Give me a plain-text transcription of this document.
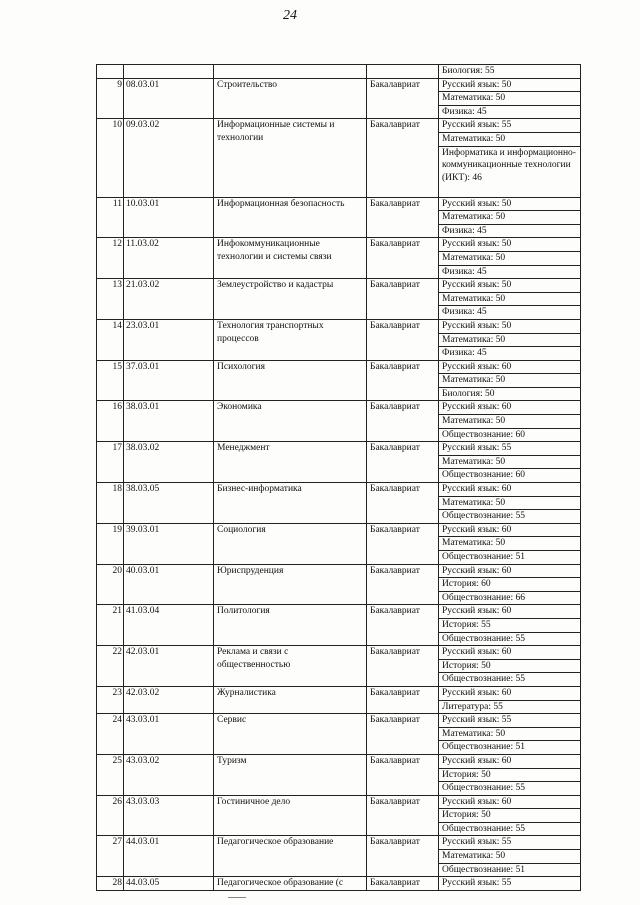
24
				Биология: 55
9	08.03.01	Строительство	Бакалавриат	Русский язык: 50
				Математика: 50
				Физика: 45
10	09.03.02	Информационные системы и технологии	Бакалавриат	Русский язык: 55
				Математика: 50
				Информатика и информационно-коммуникационные технологии (ИКТ): 46
11	10.03.01	Информационная безопасность	Бакалавриат	Русский язык: 50
				Математика: 50
				Физика: 45
12	11.03.02	Инфокоммуникационные технологии и системы связи	Бакалавриат	Русский язык: 50
				Математика: 50
				Физика: 45
13	21.03.02	Землеустройство и кадастры	Бакалавриат	Русский язык: 50
				Математика: 50
				Физика: 45
14	23.03.01	Технология транспортных процессов	Бакалавриат	Русский язык: 50
				Математика: 50
				Физика: 45
15	37.03.01	Психология	Бакалавриат	Русский язык: 60
				Математика: 50
				Биология: 50
16	38.03.01	Экономика	Бакалавриат	Русский язык: 60
				Математика: 50
				Обществознание: 60
17	38.03.02	Менеджмент	Бакалавриат	Русский язык: 55
				Математика: 50
				Обществознание: 60
18	38.03.05	Бизнес-информатика	Бакалавриат	Русский язык: 60
				Математика: 50
				Обществознание: 55
19	39.03.01	Социология	Бакалавриат	Русский язык: 60
				Математика: 50
				Обществознание: 51
20	40.03.01	Юриспруденция	Бакалавриат	Русский язык: 60
				История: 60
				Обществознание: 66
21	41.03.04	Политология	Бакалавриат	Русский язык: 60
				История: 55
				Обществознание: 55
22	42.03.01	Реклама и связи с общественностью	Бакалавриат	Русский язык: 60
				История: 50
				Обществознание: 55
23	42.03.02	Журналистика	Бакалавриат	Русский язык: 60
				Литература: 55
24	43.03.01	Сервис	Бакалавриат	Русский язык: 55
				Математика: 50
				Обществознание: 51
25	43.03.02	Туризм	Бакалавриат	Русский язык: 60
				История: 50
				Обществознание: 55
26	43.03.03	Гостиничное дело	Бакалавриат	Русский язык: 60
				История: 50
				Обществознание: 55
27	44.03.01	Педагогическое образование	Бакалавриат	Русский язык: 55
				Математика: 50
				Обществознание: 51
28	44.03.05	Педагогическое образование (с	Бакалавриат	Русский язык: 55
